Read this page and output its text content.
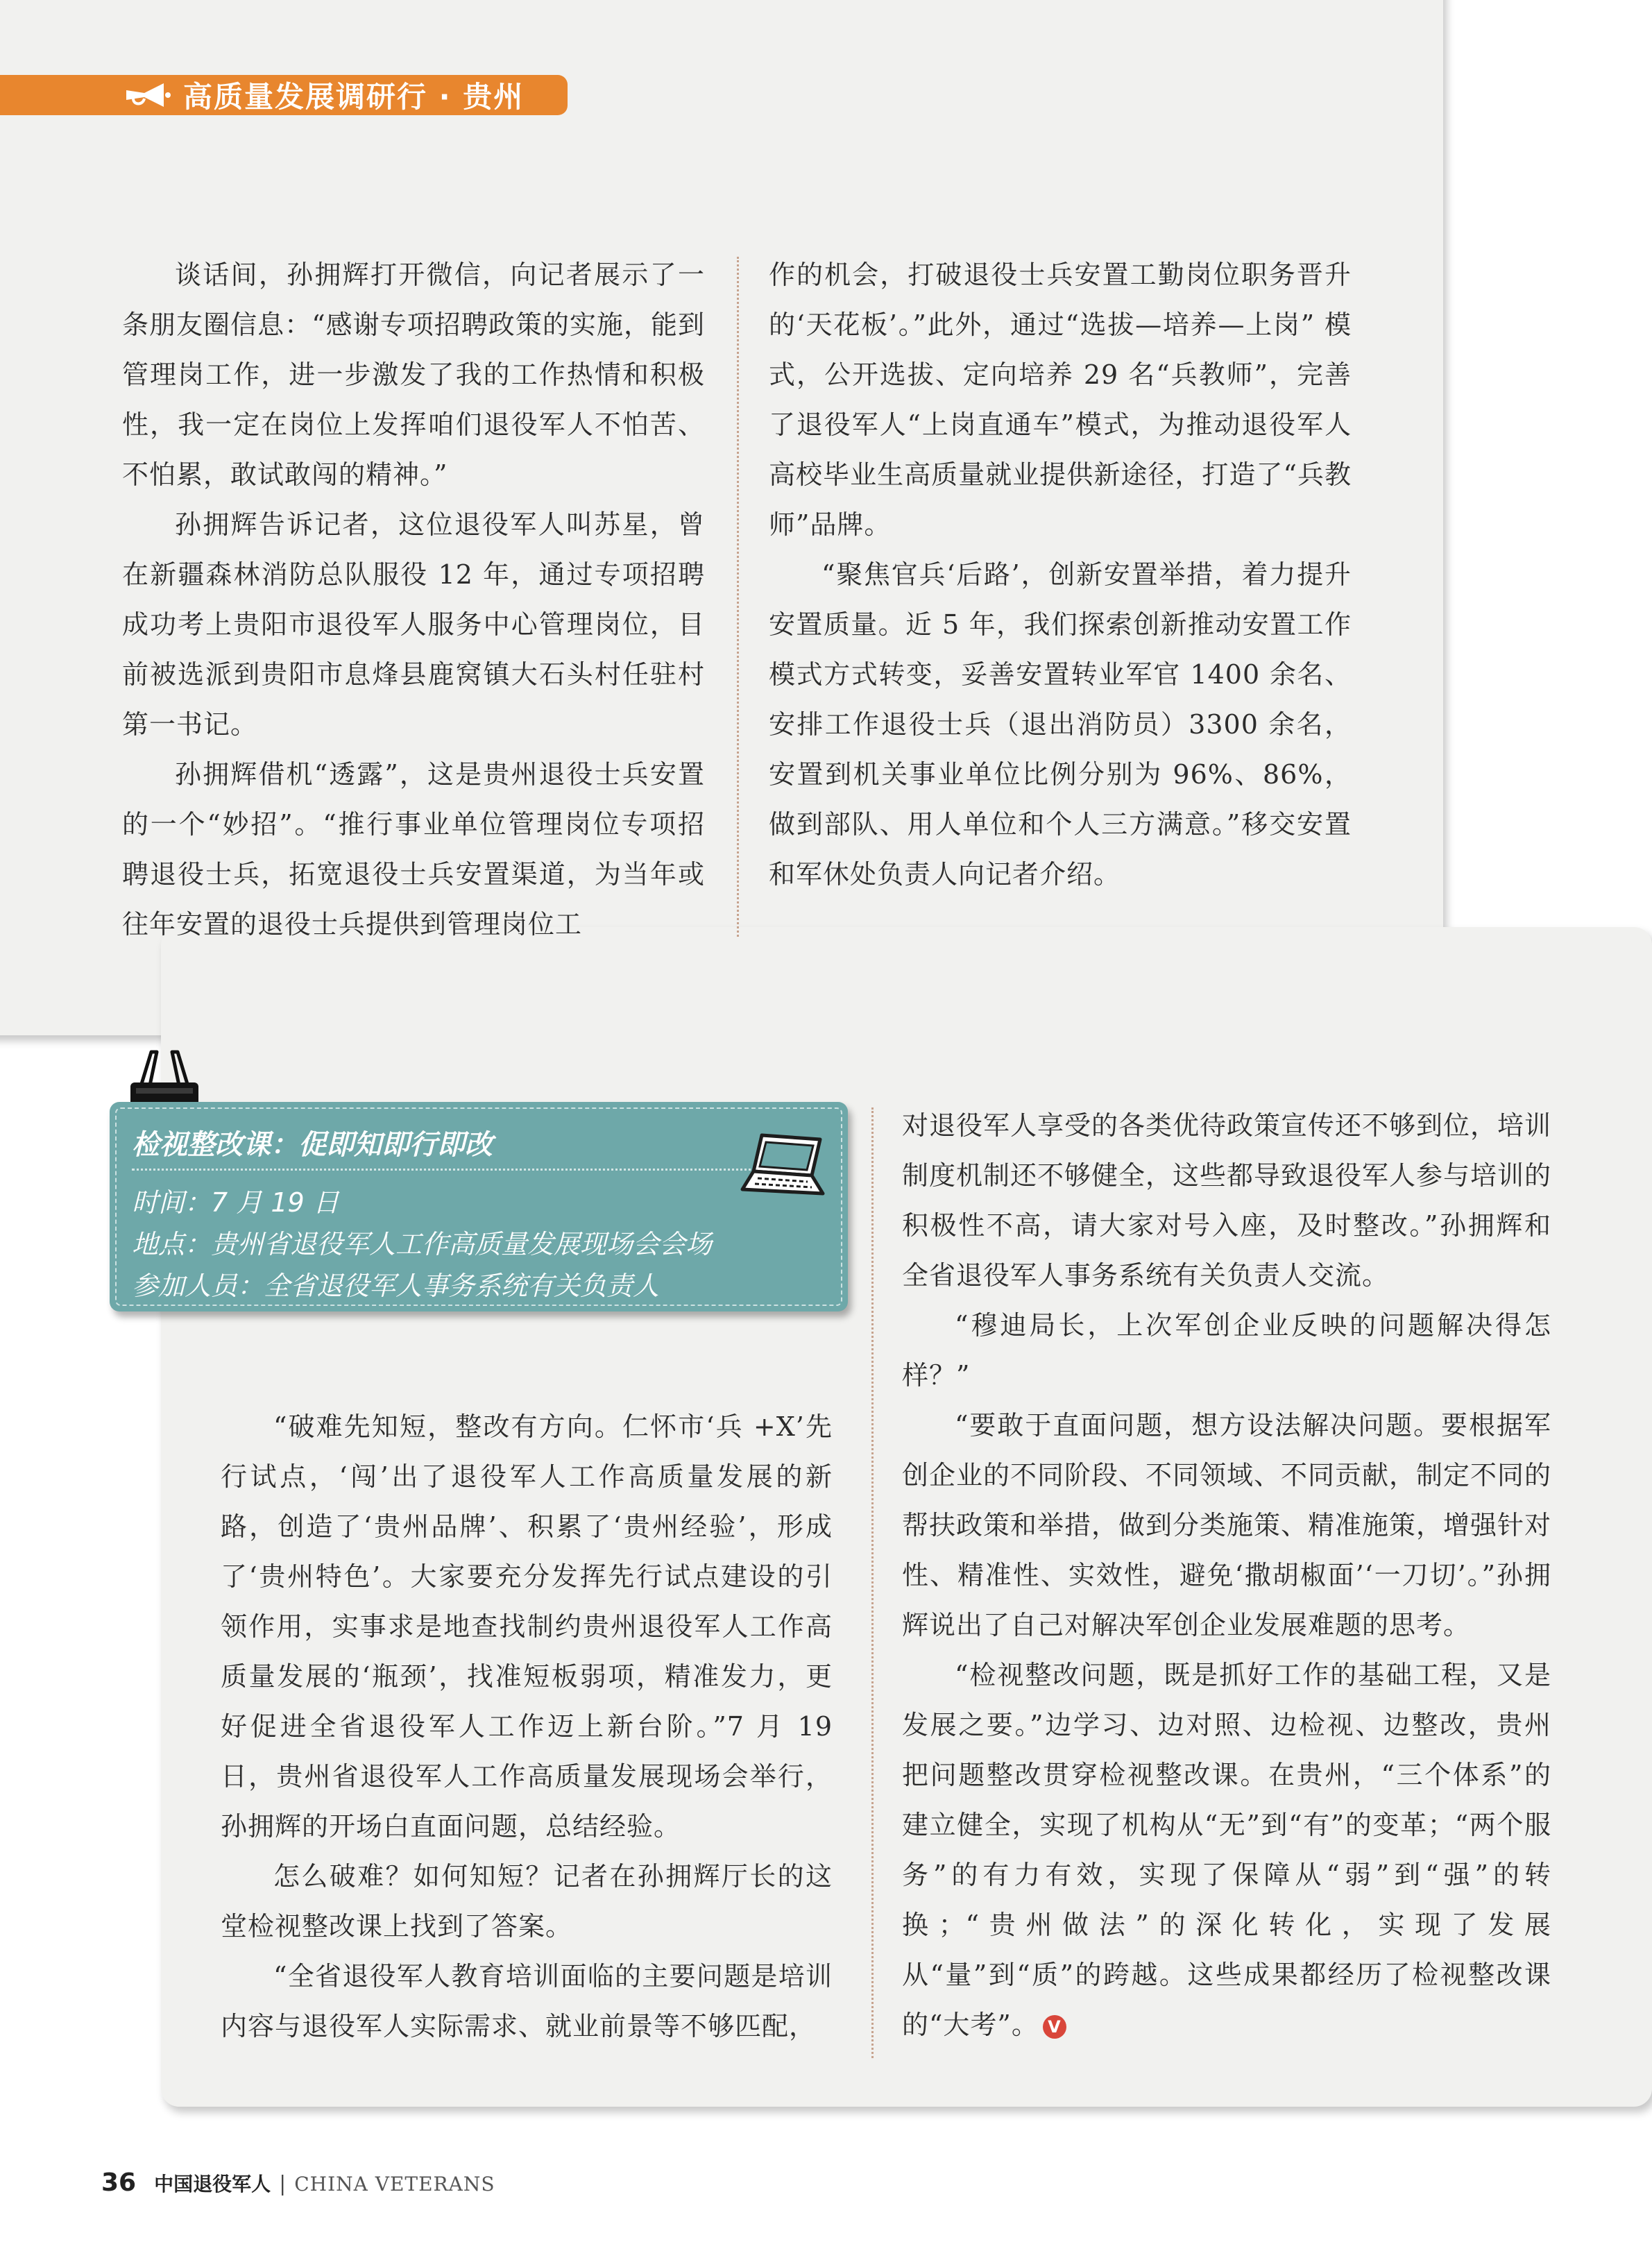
高质量发展调研行 · 贵州

谈话间，孙拥辉打开微信，向记者展示了一条朋友圈信息：“感谢专项招聘政策的实施，能到管理岗工作，进一步激发了我的工作热情和积极性，我一定在岗位上发挥咱们退役军人不怕苦、不怕累，敢试敢闯的精神。”

孙拥辉告诉记者，这位退役军人叫苏星，曾在新疆森林消防总队服役 12 年，通过专项招聘成功考上贵阳市退役军人服务中心管理岗位，目前被选派到贵阳市息烽县鹿窝镇大石头村任驻村第一书记。

孙拥辉借机“透露”，这是贵州退役士兵安置的一个“妙招”。“推行事业单位管理岗位专项招聘退役士兵，拓宽退役士兵安置渠道，为当年或往年安置的退役士兵提供到管理岗位工

作的机会，打破退役士兵安置工勤岗位职务晋升的‘天花板’。”此外，通过“选拔—培养—上岗” 模式，公开选拔、定向培养 29 名“兵教师”，完善了退役军人“上岗直通车”模式，为推动退役军人高校毕业生高质量就业提供新途径，打造了“兵教师”品牌。

“聚焦官兵‘后路’，创新安置举措，着力提升安置质量。近 5 年，我们探索创新推动安置工作模式方式转变，妥善安置转业军官 1400 余名、安排工作退役士兵（退出消防员）3300 余名，安置到机关事业单位比例分别为 96%、86%，做到部队、用人单位和个人三方满意。”移交安置和军休处负责人向记者介绍。

检视整改课：促即知即行即改
时间：7 月 19 日
地点：贵州省退役军人工作高质量发展现场会会场
参加人员：全省退役军人事务系统有关负责人

“破难先知短，整改有方向。仁怀市‘兵 +X’先行试点，‘闯’出了退役军人工作高质量发展的新路，创造了‘贵州品牌’、积累了‘贵州经验’，形成了‘贵州特色’。大家要充分发挥先行试点建设的引领作用，实事求是地查找制约贵州退役军人工作高质量发展的‘瓶颈’，找准短板弱项，精准发力，更好促进全省退役军人工作迈上新台阶。”7 月 19 日，贵州省退役军人工作高质量发展现场会举行，孙拥辉的开场白直面问题，总结经验。

怎么破难？如何知短？记者在孙拥辉厅长的这堂检视整改课上找到了答案。

“全省退役军人教育培训面临的主要问题是培训内容与退役军人实际需求、就业前景等不够匹配，

对退役军人享受的各类优待政策宣传还不够到位，培训制度机制还不够健全，这些都导致退役军人参与培训的积极性不高，请大家对号入座，及时整改。”孙拥辉和全省退役军人事务系统有关负责人交流。

“穆迪局长，上次军创企业反映的问题解决得怎样？”

“要敢于直面问题，想方设法解决问题。要根据军创企业的不同阶段、不同领域、不同贡献，制定不同的帮扶政策和举措，做到分类施策、精准施策，增强针对性、精准性、实效性，避免‘撒胡椒面’‘一刀切’。”孙拥辉说出了自己对解决军创企业发展难题的思考。

“检视整改问题，既是抓好工作的基础工程，又是发展之要。”边学习、边对照、边检视、边整改，贵州把问题整改贯穿检视整改课。在贵州，“三个体系”的建立健全，实现了机构从“无”到“有”的变革；“两个服务”的有力有效，实现了保障从“弱”到“强”的转换；“贵州做法”的深化转化，实现了发展从“量”到“质”的跨越。这些成果都经历了检视整改课的“大考”。 V

36 中国退役军人 | CHINA VETERANS
